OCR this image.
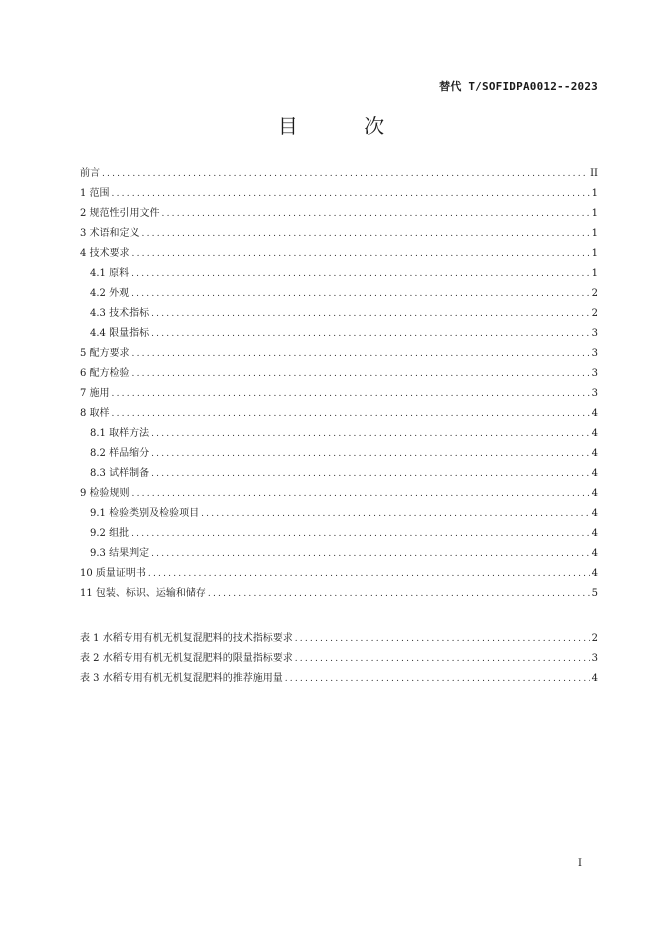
替代 T/SOFIDPA0012--2023
目 次
前言 .....	II
1 范围 .....	1
2 规范性引用文件 .....	1
3 术语和定义 .....	1
4 技术要求 .....	1
4.1 原料 .....	1
4.2 外观 .....	2
4.3 技术指标 .....	2
4.4 限量指标 .....	3
5 配方要求 .....	3
6 配方检验 .....	3
7 施用 .....	3
8 取样 .....	4
8.1 取样方法 .....	4
8.2 样品缩分 .....	4
8.3 试样制备 .....	4
9 检验规则 .....	4
9.1 检验类别及检验项目 .....	4
9.2 组批 .....	4
9.3 结果判定 .....	4
10 质量证明书 .....	4
11 包装、标识、运输和储存 .....	5
表 1 水稻专用有机无机复混肥料的技术指标要求 .....	2
表 2 水稻专用有机无机复混肥料的限量指标要求 .....	3
表 3 水稻专用有机无机复混肥料的推荐施用量 .....	4
I
